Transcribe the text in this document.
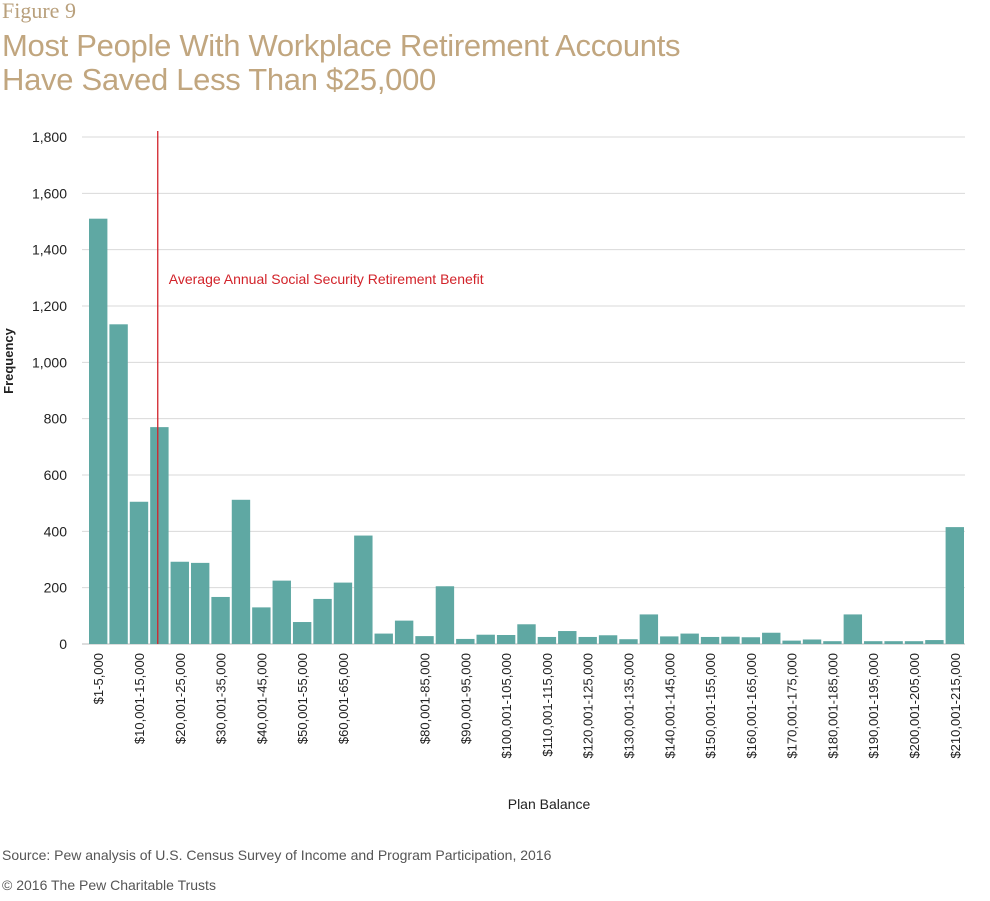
Figure 9
Most People With Workplace Retirement Accounts
Have Saved Less Than $25,000
0
200
400
600
800
1,000
1,200
1,400
1,600
1,800
$1-5,000 $10,001-15,000 $20,001-25,000 $30,001-35,000 $40,001-45,000 $50,001-55,000 $60,001-65,000	$80,001-85,000 $90,001-95,000 $100,001-105,000 $110,001-115,000 $120,001-125,000 $130,001-135,000 $140,001-145,000 $150,001-155,000 $160,001-165,000 $170,001-175,000 $180,001-185,000 $190,001-195,000 $200,001-205,000 $210,001-215,000
Average Annual Social Security Retirement Benefit
Frequency
Plan Balance
Source: Pew analysis of U.S. Census Survey of Income and Program Participation, 2016
© 2016 The Pew Charitable Trusts
